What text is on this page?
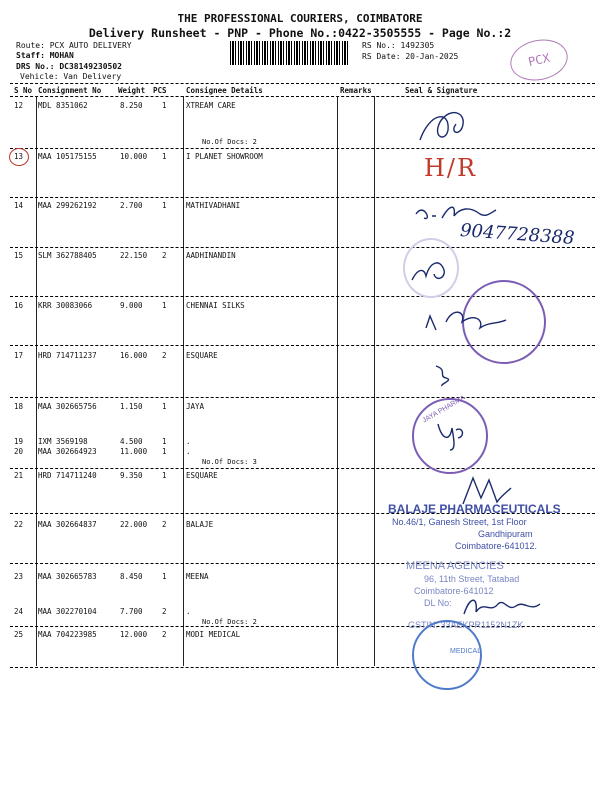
THE PROFESSIONAL COURIERS, COIMBATORE
Delivery Runsheet - PNP - Phone No.:0422-3505555 - Page No.:2
Route: PCX AUTO DELIVERY
Staff: MOHAN
DRS No.: DC38149230502
Vehicle: Van Delivery
RS No.: 1492305
RS Date: 20-Jan-2025	PCX
S No Consignment No Weight PCS	Consignee Details	Remarks	Seal & Signature
12 MDL 8351062	8.250	1	XTREAM CARE
No.Of Docs: 2
13 MAA 105175155	10.000 1	I PLANET SHOWROOM
14 MAA 299262192	2.700	1	MATHIVADHANI
15 SLM 362788405	22.150 2	AADHINANDIN
16 KRR 30083066	9.000	1	CHENNAI SILKS
17 HRD 714711237	16.000 2	ESQUARE
18 MAA 302665756	1.150	1	JAYA
19 IXM 3569198	4.500	1	.
20 MAA 302664923	11.000 1	.
No.Of Docs: 3
21 HRD 714711240	9.350	1	ESQUARE
22 MAA 302664837	22.000 2	BALAJE
23 MAA 302665783	8.450	1	MEENA
24 MAA 302270104	7.700	2	.
No.Of Docs: 2
25 MAA 704223985	12.000 2	MODI MEDICAL
H/R
9047728388
JAYA PHARMA
BALAJE PHARMACEUTICALS
No.46/1, Ganesh Street, 1st Floor
Gandhipuram
Coimbatore-641012.
MEENA AGENCIES
96, 11th Street, Tatabad
Coimbatore-641012
DL No:
GSTIN: 33AEKPR1152N1ZK
MEDICAL
